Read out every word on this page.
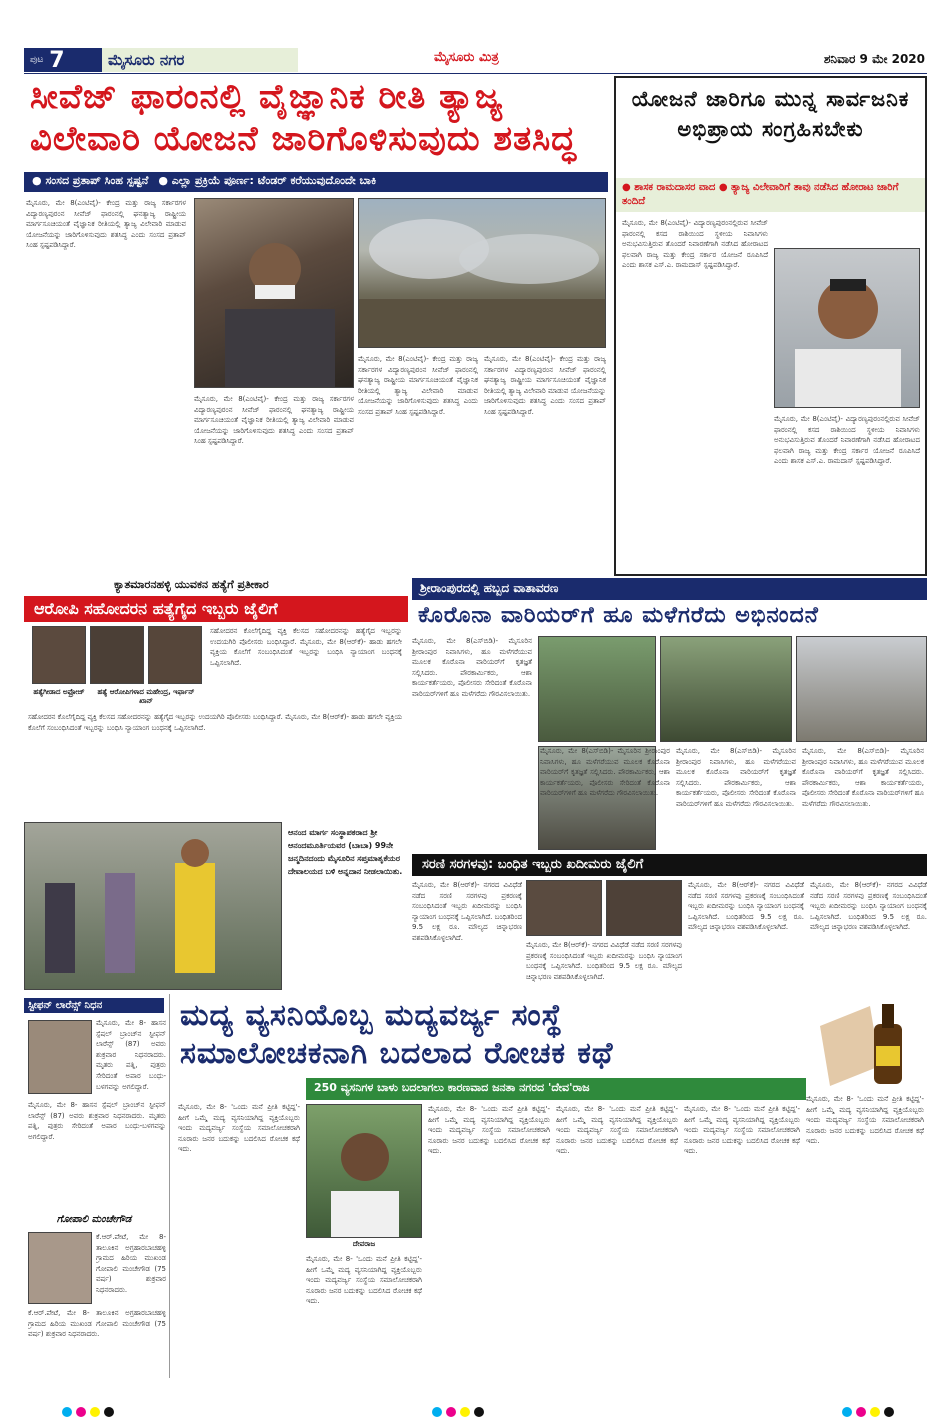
ಪುಟ 7	ಮೈಸೂರು ನಗರ	ಮೈಸೂರು ಮಿತ್ರ	ಶನಿವಾರ 9 ಮೇ 2020
ಸೀವೆಜ್ ಫಾರಂನಲ್ಲಿ ವೈಜ್ಞಾನಿಕ ರೀತಿ ತ್ಯಾಜ್ಯ
ವಿಲೇವಾರಿ ಯೋಜನೆ ಜಾರಿಗೊಳಿಸುವುದು ಶತಸಿದ್ಧ
● ಸಂಸದ ಪ್ರತಾಪ್ ಸಿಂಹ ಸ್ಪಷ್ಟನೆ ● ಎಲ್ಲಾ ಪ್ರಕ್ರಿಯೆ ಪೂರ್ಣ: ಟೆಂಡರ್ ಕರೆಯುವುದೊಂದೇ ಬಾಕಿ
ಮೈಸೂರು, ಮೇ 8(ಎಂಟಿವೈ)- ಕೇಂದ್ರ ಮತ್ತು ರಾಜ್ಯ ಸರ್ಕಾರಗಳ ವಿದ್ಯಾರಣ್ಯಪುರಂನ ಸೀವೆಜ್ ಫಾರಂನಲ್ಲಿ ಘನತ್ಯಾಜ್ಯ ರಾಷ್ಟ್ರೀಯ ಮಾರ್ಗಸೂಚಿಯಂತೆ ವೈಜ್ಞಾನಿಕ ರೀತಿಯಲ್ಲಿ ತ್ಯಾಜ್ಯ ವಿಲೇವಾರಿ ಮಾಡುವ ಯೋಜನೆಯನ್ನು ಜಾರಿಗೊಳಿಸುವುದು ಶತಸಿದ್ಧ ಎಂದು ಸಂಸದ ಪ್ರತಾಪ್ ಸಿಂಹ ಸ್ಪಷ್ಟಪಡಿಸಿದ್ದಾರೆ.
ಮೈಸೂರು, ಮೇ 8(ಎಂಟಿವೈ)- ಕೇಂದ್ರ ಮತ್ತು ರಾಜ್ಯ ಸರ್ಕಾರಗಳ ವಿದ್ಯಾರಣ್ಯಪುರಂನ ಸೀವೆಜ್ ಫಾರಂನಲ್ಲಿ ಘನತ್ಯಾಜ್ಯ ರಾಷ್ಟ್ರೀಯ ಮಾರ್ಗಸೂಚಿಯಂತೆ ವೈಜ್ಞಾನಿಕ ರೀತಿಯಲ್ಲಿ ತ್ಯಾಜ್ಯ ವಿಲೇವಾರಿ ಮಾಡುವ ಯೋಜನೆಯನ್ನು ಜಾರಿಗೊಳಿಸುವುದು ಶತಸಿದ್ಧ ಎಂದು ಸಂಸದ ಪ್ರತಾಪ್ ಸಿಂಹ ಸ್ಪಷ್ಟಪಡಿಸಿದ್ದಾರೆ.
ಮೈಸೂರು, ಮೇ 8(ಎಂಟಿವೈ)- ಕೇಂದ್ರ ಮತ್ತು ರಾಜ್ಯ ಸರ್ಕಾರಗಳ ವಿದ್ಯಾರಣ್ಯಪುರಂನ ಸೀವೆಜ್ ಫಾರಂನಲ್ಲಿ ಘನತ್ಯಾಜ್ಯ ರಾಷ್ಟ್ರೀಯ ಮಾರ್ಗಸೂಚಿಯಂತೆ ವೈಜ್ಞಾನಿಕ ರೀತಿಯಲ್ಲಿ ತ್ಯಾಜ್ಯ ವಿಲೇವಾರಿ ಮಾಡುವ ಯೋಜನೆಯನ್ನು ಜಾರಿಗೊಳಿಸುವುದು ಶತಸಿದ್ಧ ಎಂದು ಸಂಸದ ಪ್ರತಾಪ್ ಸಿಂಹ ಸ್ಪಷ್ಟಪಡಿಸಿದ್ದಾರೆ.
ಮೈಸೂರು, ಮೇ 8(ಎಂಟಿವೈ)- ಕೇಂದ್ರ ಮತ್ತು ರಾಜ್ಯ ಸರ್ಕಾರಗಳ ವಿದ್ಯಾರಣ್ಯಪುರಂನ ಸೀವೆಜ್ ಫಾರಂನಲ್ಲಿ ಘನತ್ಯಾಜ್ಯ ರಾಷ್ಟ್ರೀಯ ಮಾರ್ಗಸೂಚಿಯಂತೆ ವೈಜ್ಞಾನಿಕ ರೀತಿಯಲ್ಲಿ ತ್ಯಾಜ್ಯ ವಿಲೇವಾರಿ ಮಾಡುವ ಯೋಜನೆಯನ್ನು ಜಾರಿಗೊಳಿಸುವುದು ಶತಸಿದ್ಧ ಎಂದು ಸಂಸದ ಪ್ರತಾಪ್ ಸಿಂಹ ಸ್ಪಷ್ಟಪಡಿಸಿದ್ದಾರೆ.
ಯೋಜನೆ ಜಾರಿಗೂ ಮುನ್ನ ಸಾರ್ವಜನಿಕ ಅಭಿಪ್ರಾಯ ಸಂಗ್ರಹಿಸಬೇಕು
● ಶಾಸಕ ರಾಮದಾಸರ ವಾದ ● ತ್ಯಾಜ್ಯ ವಿಲೇವಾರಿಗೆ ತಾವು ನಡೆಸಿದ ಹೋರಾಟ ಜಾರಿಗೆ ತಂದಿದೆ
ಮೈಸೂರು, ಮೇ 8(ಎಂಟಿವೈ)- ವಿದ್ಯಾರಣ್ಯಪುರಂನಲ್ಲಿರುವ ಸೀವೆಜ್ ಫಾರಂನಲ್ಲಿ ಕಸದ ರಾಶಿಯಿಂದ ಸ್ಥಳೀಯ ನಿವಾಸಿಗಳು ಅನುಭವಿಸುತ್ತಿರುವ ತೊಂದರೆ ನಿವಾರಣೆಗಾಗಿ ನಡೆಸಿದ ಹೋರಾಟದ ಫಲವಾಗಿ ರಾಜ್ಯ ಮತ್ತು ಕೇಂದ್ರ ಸರ್ಕಾರ ಯೋಜನೆ ರೂಪಿಸಿದೆ ಎಂದು ಶಾಸಕ ಎಸ್.ಎ. ರಾಮದಾಸ್ ಸ್ಪಷ್ಟಪಡಿಸಿದ್ದಾರೆ.
ಮೈಸೂರು, ಮೇ 8(ಎಂಟಿವೈ)- ವಿದ್ಯಾರಣ್ಯಪುರಂನಲ್ಲಿರುವ ಸೀವೆಜ್ ಫಾರಂನಲ್ಲಿ ಕಸದ ರಾಶಿಯಿಂದ ಸ್ಥಳೀಯ ನಿವಾಸಿಗಳು ಅನುಭವಿಸುತ್ತಿರುವ ತೊಂದರೆ ನಿವಾರಣೆಗಾಗಿ ನಡೆಸಿದ ಹೋರಾಟದ ಫಲವಾಗಿ ರಾಜ್ಯ ಮತ್ತು ಕೇಂದ್ರ ಸರ್ಕಾರ ಯೋಜನೆ ರೂಪಿಸಿದೆ ಎಂದು ಶಾಸಕ ಎಸ್.ಎ. ರಾಮದಾಸ್ ಸ್ಪಷ್ಟಪಡಿಸಿದ್ದಾರೆ.
ಕ್ಯಾತಮಾರನಹಳ್ಳಿ ಯುವಕನ ಹತ್ಯೆಗೆ ಪ್ರತೀಕಾರ
ಆರೋಪಿ ಸಹೋದರನ ಹತ್ಯೆಗೈದ ಇಬ್ಬರು ಜೈಲಿಗೆ
ಹತ್ಯೆಗೀಡಾದ ಅಫ್ರೋಜ್	ಹತ್ಯೆ ಆರೋಪಿಗಳಾದ ಮಹೇಂದ್ರ, ಇರ್ಫಾನ್ ಖಾನ್
ಸಹೋದರನ ಕೊಲೆಗೈದಿದ್ದ ವ್ಯಕ್ತಿ ಕೆಲಸದ ಸಹೋದರನನ್ನು ಹತ್ಯೆಗೈದ ಇಬ್ಬರನ್ನು ಉದಯಗಿರಿ ಪೊಲೀಸರು ಬಂಧಿಸಿದ್ದಾರೆ. ಮೈಸೂರು, ಮೇ 8(ಆರ್‌ಕೆ)- ಹಾಡು ಹಗಲೇ ವ್ಯಕ್ತಿಯ ಕೊಲೆಗೆ ಸಂಬಂಧಿಸಿದಂತೆ ಇಬ್ಬರನ್ನು ಬಂಧಿಸಿ ನ್ಯಾಯಾಂಗ ಬಂಧನಕ್ಕೆ ಒಪ್ಪಿಸಲಾಗಿದೆ.
ಸಹೋದರನ ಕೊಲೆಗೈದಿದ್ದ ವ್ಯಕ್ತಿ ಕೆಲಸದ ಸಹೋದರನನ್ನು ಹತ್ಯೆಗೈದ ಇಬ್ಬರನ್ನು ಉದಯಗಿರಿ ಪೊಲೀಸರು ಬಂಧಿಸಿದ್ದಾರೆ. ಮೈಸೂರು, ಮೇ 8(ಆರ್‌ಕೆ)- ಹಾಡು ಹಗಲೇ ವ್ಯಕ್ತಿಯ ಕೊಲೆಗೆ ಸಂಬಂಧಿಸಿದಂತೆ ಇಬ್ಬರನ್ನು ಬಂಧಿಸಿ ನ್ಯಾಯಾಂಗ ಬಂಧನಕ್ಕೆ ಒಪ್ಪಿಸಲಾಗಿದೆ.
ಶ್ರೀರಾಂಪುರದಲ್ಲಿ ಹಬ್ಬದ ವಾತಾವರಣ
ಕೊರೊನಾ ವಾರಿಯರ್‌ಗೆ ಹೂ ಮಳೆಗರೆದು ಅಭಿನಂದನೆ
ಮೈಸೂರು, ಮೇ 8(ಎಸ್‌ಬಿಡಿ)- ಮೈಸೂರಿನ ಶ್ರೀರಾಂಪುರ ನಿವಾಸಿಗಳು, ಹೂ ಮಳೆಗರೆಯುವ ಮೂಲಕ ಕೊರೊನಾ ವಾರಿಯರ್‌ಗೆ ಕೃತಜ್ಞತೆ ಸಲ್ಲಿಸಿದರು. ಪೌರಕಾರ್ಮಿಕರು, ಆಶಾ ಕಾರ್ಯಕರ್ತೆಯರು, ಪೊಲೀಸರು ಸೇರಿದಂತೆ ಕೊರೊನಾ ವಾರಿಯರ್‌ಗಳಿಗೆ ಹೂ ಮಳೆಗರೆದು ಗೌರವಿಸಲಾಯಿತು.
ಮೈಸೂರು, ಮೇ 8(ಎಸ್‌ಬಿಡಿ)- ಮೈಸೂರಿನ ಶ್ರೀರಾಂಪುರ ನಿವಾಸಿಗಳು, ಹೂ ಮಳೆಗರೆಯುವ ಮೂಲಕ ಕೊರೊನಾ ವಾರಿಯರ್‌ಗೆ ಕೃತಜ್ಞತೆ ಸಲ್ಲಿಸಿದರು. ಪೌರಕಾರ್ಮಿಕರು, ಆಶಾ ಕಾರ್ಯಕರ್ತೆಯರು, ಪೊಲೀಸರು ಸೇರಿದಂತೆ ಕೊರೊನಾ ವಾರಿಯರ್‌ಗಳಿಗೆ ಹೂ ಮಳೆಗರೆದು ಗೌರವಿಸಲಾಯಿತು.
ಮೈಸೂರು, ಮೇ 8(ಎಸ್‌ಬಿಡಿ)- ಮೈಸೂರಿನ ಶ್ರೀರಾಂಪುರ ನಿವಾಸಿಗಳು, ಹೂ ಮಳೆಗರೆಯುವ ಮೂಲಕ ಕೊರೊನಾ ವಾರಿಯರ್‌ಗೆ ಕೃತಜ್ಞತೆ ಸಲ್ಲಿಸಿದರು. ಪೌರಕಾರ್ಮಿಕರು, ಆಶಾ ಕಾರ್ಯಕರ್ತೆಯರು, ಪೊಲೀಸರು ಸೇರಿದಂತೆ ಕೊರೊನಾ ವಾರಿಯರ್‌ಗಳಿಗೆ ಹೂ ಮಳೆಗರೆದು ಗೌರವಿಸಲಾಯಿತು.
ಮೈಸೂರು, ಮೇ 8(ಎಸ್‌ಬಿಡಿ)- ಮೈಸೂರಿನ ಶ್ರೀರಾಂಪುರ ನಿವಾಸಿಗಳು, ಹೂ ಮಳೆಗರೆಯುವ ಮೂಲಕ ಕೊರೊನಾ ವಾರಿಯರ್‌ಗೆ ಕೃತಜ್ಞತೆ ಸಲ್ಲಿಸಿದರು. ಪೌರಕಾರ್ಮಿಕರು, ಆಶಾ ಕಾರ್ಯಕರ್ತೆಯರು, ಪೊಲೀಸರು ಸೇರಿದಂತೆ ಕೊರೊನಾ ವಾರಿಯರ್‌ಗಳಿಗೆ ಹೂ ಮಳೆಗರೆದು ಗೌರವಿಸಲಾಯಿತು.
ಆನಂದ ಮಾರ್ಗ ಸಂಸ್ಥಾಪಕರಾದ ಶ್ರೀ ಆನಂದಮೂರ್ತಿಯವರ (ಬಾಬಾ) 99ನೇ ಜನ್ಮದಿನದಂದು ಮೈಸೂರಿನ ಸಪ್ತಮಾತೃಕೆಯರ ದೇವಾಲಯದ ಬಳಿ ಅನ್ನದಾನ ನೀಡಲಾಯಿತು.	ಸರಣಿ ಸರಗಳವು: ಬಂಧಿತ ಇಬ್ಬರು ಖದೀಮರು ಜೈಲಿಗೆ
ಮೈಸೂರು, ಮೇ 8(ಆರ್‌ಕೆ)- ನಗರದ ವಿವಿಧೆಡೆ ನಡೆದ ಸರಣಿ ಸರಗಳವು ಪ್ರಕರಣಕ್ಕೆ ಸಂಬಂಧಿಸಿದಂತೆ ಇಬ್ಬರು ಖದೀಮರನ್ನು ಬಂಧಿಸಿ ನ್ಯಾಯಾಂಗ ಬಂಧನಕ್ಕೆ ಒಪ್ಪಿಸಲಾಗಿದೆ. ಬಂಧಿತರಿಂದ 9.5 ಲಕ್ಷ ರೂ. ಮೌಲ್ಯದ ಚಿನ್ನಾಭರಣ ವಶಪಡಿಸಿಕೊಳ್ಳಲಾಗಿದೆ.
ಮೈಸೂರು, ಮೇ 8(ಆರ್‌ಕೆ)- ನಗರದ ವಿವಿಧೆಡೆ ನಡೆದ ಸರಣಿ ಸರಗಳವು ಪ್ರಕರಣಕ್ಕೆ ಸಂಬಂಧಿಸಿದಂತೆ ಇಬ್ಬರು ಖದೀಮರನ್ನು ಬಂಧಿಸಿ ನ್ಯಾಯಾಂಗ ಬಂಧನಕ್ಕೆ ಒಪ್ಪಿಸಲಾಗಿದೆ. ಬಂಧಿತರಿಂದ 9.5 ಲಕ್ಷ ರೂ. ಮೌಲ್ಯದ ಚಿನ್ನಾಭರಣ ವಶಪಡಿಸಿಕೊಳ್ಳಲಾಗಿದೆ.
ಮೈಸೂರು, ಮೇ 8(ಆರ್‌ಕೆ)- ನಗರದ ವಿವಿಧೆಡೆ ನಡೆದ ಸರಣಿ ಸರಗಳವು ಪ್ರಕರಣಕ್ಕೆ ಸಂಬಂಧಿಸಿದಂತೆ ಇಬ್ಬರು ಖದೀಮರನ್ನು ಬಂಧಿಸಿ ನ್ಯಾಯಾಂಗ ಬಂಧನಕ್ಕೆ ಒಪ್ಪಿಸಲಾಗಿದೆ. ಬಂಧಿತರಿಂದ 9.5 ಲಕ್ಷ ರೂ. ಮೌಲ್ಯದ ಚಿನ್ನಾಭರಣ ವಶಪಡಿಸಿಕೊಳ್ಳಲಾಗಿದೆ.
ಮೈಸೂರು, ಮೇ 8(ಆರ್‌ಕೆ)- ನಗರದ ವಿವಿಧೆಡೆ ನಡೆದ ಸರಣಿ ಸರಗಳವು ಪ್ರಕರಣಕ್ಕೆ ಸಂಬಂಧಿಸಿದಂತೆ ಇಬ್ಬರು ಖದೀಮರನ್ನು ಬಂಧಿಸಿ ನ್ಯಾಯಾಂಗ ಬಂಧನಕ್ಕೆ ಒಪ್ಪಿಸಲಾಗಿದೆ. ಬಂಧಿತರಿಂದ 9.5 ಲಕ್ಷ ರೂ. ಮೌಲ್ಯದ ಚಿನ್ನಾಭರಣ ವಶಪಡಿಸಿಕೊಳ್ಳಲಾಗಿದೆ.
ಸ್ಟೀಫನ್ ಲಾರೆನ್ಸ್ ನಿಧನ
ಮೈಸೂರು, ಮೇ 8- ಹಾಸನ ಸ್ಪೆಷಲ್ ಬ್ರಾಂಚ್‌ನ ಸ್ಟೀಫನ್ ಲಾರೆನ್ಸ್ (87) ಅವರು ಶುಕ್ರವಾರ ನಿಧನರಾದರು. ಮೃತರು ಪತ್ನಿ, ಪುತ್ರರು ಸೇರಿದಂತೆ ಅಪಾರ ಬಂಧು-ಬಳಗವನ್ನು ಅಗಲಿದ್ದಾರೆ.
ಮೈಸೂರು, ಮೇ 8- ಹಾಸನ ಸ್ಪೆಷಲ್ ಬ್ರಾಂಚ್‌ನ ಸ್ಟೀಫನ್ ಲಾರೆನ್ಸ್ (87) ಅವರು ಶುಕ್ರವಾರ ನಿಧನರಾದರು. ಮೃತರು ಪತ್ನಿ, ಪುತ್ರರು ಸೇರಿದಂತೆ ಅಪಾರ ಬಂಧು-ಬಳಗವನ್ನು ಅಗಲಿದ್ದಾರೆ.
ಗೋಪಾಲಿ ಮಂಚೇಗೌಡ
ಕೆ.ಆರ್.ಪೇಟೆ, ಮೇ 8- ತಾಲೂಕಿನ ಅಗ್ರಹಾರಬಾಚಹಳ್ಳಿ ಗ್ರಾಮದ ಹಿರಿಯ ಮುಖಂಡ ಗೋಪಾಲಿ ಮಂಚೇಗೌಡ (75 ವರ್ಷ) ಶುಕ್ರವಾರ ನಿಧನರಾದರು.
ಕೆ.ಆರ್.ಪೇಟೆ, ಮೇ 8- ತಾಲೂಕಿನ ಅಗ್ರಹಾರಬಾಚಹಳ್ಳಿ ಗ್ರಾಮದ ಹಿರಿಯ ಮುಖಂಡ ಗೋಪಾಲಿ ಮಂಚೇಗೌಡ (75 ವರ್ಷ) ಶುಕ್ರವಾರ ನಿಧನರಾದರು.
ಮದ್ಯ ವ್ಯಸನಿಯೊಬ್ಬ ಮದ್ಯವರ್ಜ್ಯ ಸಂಸ್ಥೆ
ಸಮಾಲೋಚಕನಾಗಿ ಬದಲಾದ ರೋಚಕ ಕಥೆ
250 ವ್ಯಸನಿಗಳ ಬಾಳು ಬದಲಾಗಲು ಕಾರಣವಾದ ಜನತಾ ನಗರದ 'ದೇವ'ರಾಜ
ಮೈಸೂರು, ಮೇ 8- 'ಒಂದು ಮನೆ ಪ್ರೀತಿ ಕಟ್ಟಿದ್ದ'- ಹೀಗೆ ಒಮ್ಮೆ ಮದ್ಯ ವ್ಯಸನಿಯಾಗಿದ್ದ ವ್ಯಕ್ತಿಯೊಬ್ಬರು ಇಂದು ಮದ್ಯವರ್ಜ್ಯ ಸಂಸ್ಥೆಯ ಸಮಾಲೋಚಕರಾಗಿ ನೂರಾರು ಜನರ ಬದುಕನ್ನು ಬದಲಿಸಿದ ರೋಚಕ ಕಥೆ ಇದು.
ದೇವರಾಜ
ಮೈಸೂರು, ಮೇ 8- 'ಒಂದು ಮನೆ ಪ್ರೀತಿ ಕಟ್ಟಿದ್ದ'- ಹೀಗೆ ಒಮ್ಮೆ ಮದ್ಯ ವ್ಯಸನಿಯಾಗಿದ್ದ ವ್ಯಕ್ತಿಯೊಬ್ಬರು ಇಂದು ಮದ್ಯವರ್ಜ್ಯ ಸಂಸ್ಥೆಯ ಸಮಾಲೋಚಕರಾಗಿ ನೂರಾರು ಜನರ ಬದುಕನ್ನು ಬದಲಿಸಿದ ರೋಚಕ ಕಥೆ ಇದು.
ಮೈಸೂರು, ಮೇ 8- 'ಒಂದು ಮನೆ ಪ್ರೀತಿ ಕಟ್ಟಿದ್ದ'- ಹೀಗೆ ಒಮ್ಮೆ ಮದ್ಯ ವ್ಯಸನಿಯಾಗಿದ್ದ ವ್ಯಕ್ತಿಯೊಬ್ಬರು ಇಂದು ಮದ್ಯವರ್ಜ್ಯ ಸಂಸ್ಥೆಯ ಸಮಾಲೋಚಕರಾಗಿ ನೂರಾರು ಜನರ ಬದುಕನ್ನು ಬದಲಿಸಿದ ರೋಚಕ ಕಥೆ ಇದು.
ಮೈಸೂರು, ಮೇ 8- 'ಒಂದು ಮನೆ ಪ್ರೀತಿ ಕಟ್ಟಿದ್ದ'- ಹೀಗೆ ಒಮ್ಮೆ ಮದ್ಯ ವ್ಯಸನಿಯಾಗಿದ್ದ ವ್ಯಕ್ತಿಯೊಬ್ಬರು ಇಂದು ಮದ್ಯವರ್ಜ್ಯ ಸಂಸ್ಥೆಯ ಸಮಾಲೋಚಕರಾಗಿ ನೂರಾರು ಜನರ ಬದುಕನ್ನು ಬದಲಿಸಿದ ರೋಚಕ ಕಥೆ ಇದು.
ಮೈಸೂರು, ಮೇ 8- 'ಒಂದು ಮನೆ ಪ್ರೀತಿ ಕಟ್ಟಿದ್ದ'- ಹೀಗೆ ಒಮ್ಮೆ ಮದ್ಯ ವ್ಯಸನಿಯಾಗಿದ್ದ ವ್ಯಕ್ತಿಯೊಬ್ಬರು ಇಂದು ಮದ್ಯವರ್ಜ್ಯ ಸಂಸ್ಥೆಯ ಸಮಾಲೋಚಕರಾಗಿ ನೂರಾರು ಜನರ ಬದುಕನ್ನು ಬದಲಿಸಿದ ರೋಚಕ ಕಥೆ ಇದು.
ಮೈಸೂರು, ಮೇ 8- 'ಒಂದು ಮನೆ ಪ್ರೀತಿ ಕಟ್ಟಿದ್ದ'- ಹೀಗೆ ಒಮ್ಮೆ ಮದ್ಯ ವ್ಯಸನಿಯಾಗಿದ್ದ ವ್ಯಕ್ತಿಯೊಬ್ಬರು ಇಂದು ಮದ್ಯವರ್ಜ್ಯ ಸಂಸ್ಥೆಯ ಸಮಾಲೋಚಕರಾಗಿ ನೂರಾರು ಜನರ ಬದುಕನ್ನು ಬದಲಿಸಿದ ರೋಚಕ ಕಥೆ ಇದು.
